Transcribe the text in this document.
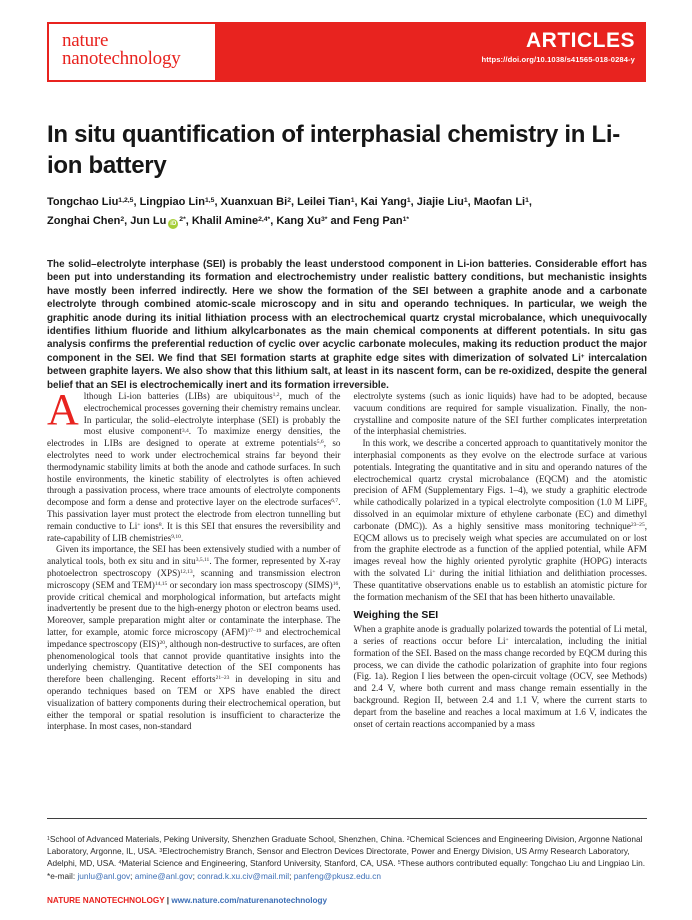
nature
nanotechnology
ARTICLES
https://doi.org/10.1038/s41565-018-0284-y
In situ quantification of interphasial chemistry in Li-ion battery
Tongchao Liu$^{1,2,5}$, Lingpiao Lin$^{1,5}$, Xuanxuan Bi$^2$, Leilei Tian$^1$, Kai Yang$^1$, Jiajie Liu$^1$, Maofan Li$^1$,
Zonghai Chen$^2$, Jun Lu $iD^{2*}$, Khalil Amine$^{2,4*}$, Kang $Xu^{3*}$ and Feng Pan$^{1*}$

The solid–electrolyte interphase (SEI) is probably the least understood component in Li-ion batteries. Considerable effort has been put into understanding its formation and electrochemistry under realistic battery conditions, but mechanistic insights have mostly been inferred indirectly. Here we show the formation of the SEI between a graphite anode and a carbonate electrolyte through combined atomic-scale microscopy and in situ and operando techniques. In particular, we weigh the graphitic anode during its initial lithiation process with an electrochemical quartz crystal microbalance, which unequivocally identifies lithium fluoride and lithium alkylcarbonates as the main chemical components at different potentials. In situ gas analysis confirms the preferential reduction of cyclic over acyclic carbonate molecules, making its reduction product the major component in the SEI. We find that SEI formation starts at graphite edge sites with dimerization of solvated Li+ intercalation between graphite layers. We also show that this lithium salt, at least in its nascent form, can be re-oxidized, despite the general belief that an SEI is electrochemically inert and its formation irreversible.

Although Li-ion batteries (LIBs) are ubiquitous$^{1,2}$, much of the electrochemical processes governing their chemistry remains unclear. In particular, the solid–electrolyte interphase (SEI) is probably the most elusive component$^{3,4}$. To maximize energy densities, the electrodes in LIBs are designed to operate at extreme potentials$^{5,6}$, so electrolytes need to work under electrochemical strains far beyond their thermodynamic stability limits at both the anode and cathode surfaces. In such hostile environments, the kinetic stability of electrolytes is often achieved through a passivation process, where trace amounts of electrolyte components decompose and form a dense and protective layer on the electrode surfaces$^{6,7}$. This passivation layer must protect the electrode from electron tunnelling but remain conductive to Li+ ions$^8$. It is this SEI that ensures the reversibility and rate-capability of LIB chemistries$^{9,10}$.

Given its importance, the SEI has been extensively studied with a number of analytical tools, both ex situ and in situ$^{3,5,11}$. The former, represented by X-ray photoelectron spectroscopy (XPS)$^{12,13}$, scanning and transmission electron microscopy (SEM and TEM)$^{14,15}$ or secondary ion mass spectroscopy (SIMS)$^{16}$, provide critical chemical and morphological information, but artefacts might inadvertently be present due to the high-energy photon or electron beams used. Moreover, sample preparation might alter or contaminate the interphase. The latter, for example, atomic force microscopy (AFM)$^{17-19}$ and electrochemical impedance spectroscopy (EIS)$^{20}$, although non-destructive to surfaces, are often phenomenological tools that cannot provide quantitative insights into the underlying chemistry. Quantitative detection of the SEI components has therefore been challenging. Recent efforts$^{21-23}$ in developing in situ and operando techniques based on TEM or XPS have enabled the direct visualization of battery components during their electrochemical operation, but either the temporal or spatial resolution is insufficient to characterize the interphase. In most cases, non-standard

electrolyte systems (such as ionic liquids) have had to be adopted, because vacuum conditions are required for sample visualization. Finally, the non-crystalline and composite nature of the SEI further complicates interpretation of the interphasial chemistries.

In this work, we describe a concerted approach to quantitatively monitor the interphasial components as they evolve on the electrode surface at various potentials. Integrating the quantitative and in situ and operando natures of the electrochemical quartz crystal microbalance (EQCM) and the atomistic precision of AFM (Supplementary Figs. 1–4), we study a graphitic electrode while cathodically polarized in a typical electrolyte composition (1.0 M LiPF$_6$ dissolved in an equimolar mixture of ethylene carbonate (EC) and dimethyl carbonate (DMC)). As a highly sensitive mass monitoring technique$^{23-25}$, EQCM allows us to precisely weigh what species are accumulated on or lost from the graphite electrode as a function of the applied potential, while AFM images reveal how the highly oriented pyrolytic graphite (HOPG) interacts with the solvated Li+ during the initial lithiation and delithiation processes. These quantitative observations enable us to establish an atomistic picture for the formation mechanism of the SEI that has been hitherto unavailable.

Weighing the SEI

When a graphite anode is gradually polarized towards the potential of Li metal, a series of reactions occur before Li+ intercalation, including the initial formation of the SEI. Based on the mass change recorded by EQCM during this process, we can divide the cathodic polarization of graphite into four regions (Fig. 1a). Region I lies between the open-circuit voltage (OCV, see Methods) and 2.4 V, where both current and mass change remain essentially in the background. Region II, between 2.4 and 1.1 V, where the current starts to depart from the baseline and reaches a local maximum at 1.6 V, indicates the onset of certain reactions accompanied by a mass

$^1$School of Advanced Materials, Peking University, Shenzhen Graduate School, Shenzhen, China. $^2$Chemical Sciences and Engineering Division, Argonne National Laboratory, Argonne, IL, USA. $^3$Electrochemistry Branch, Sensor and Electron Devices Directorate, Power and Energy Division, US Army Research Laboratory, Adelphi, MD, USA. $^4$Material Science and Engineering, Stanford University, Stanford, CA, USA. $^5$These authors contributed equally: Tongchao Liu and Lingpiao Lin. *e-mail: junlu@anl.gov; amine@anl.gov; conrad.k.xu.civ@mail.mil; panfeng@pkusz.edu.cn

NATURE NANOTECHNOLOGY | www.nature.com/naturenanotechnology
